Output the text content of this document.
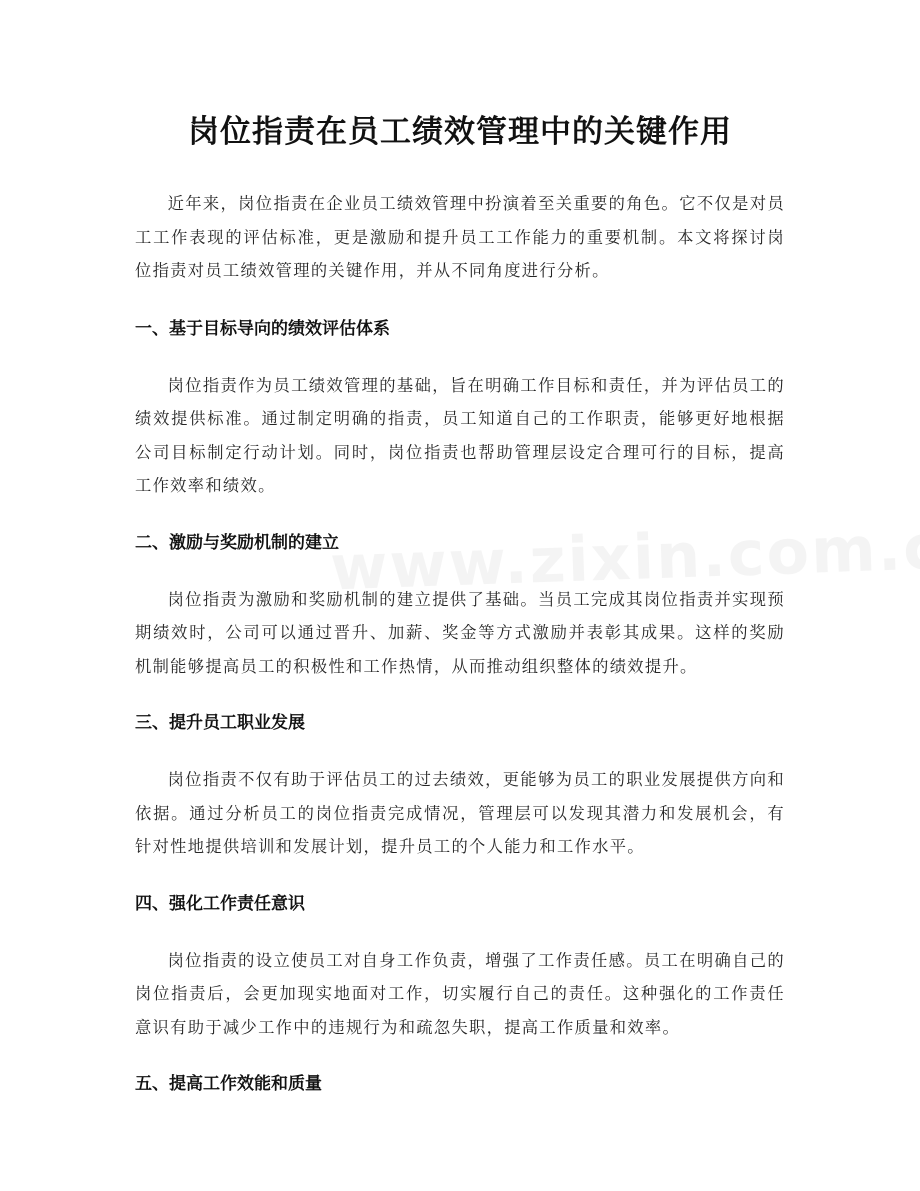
岗位指责在员工绩效管理中的关键作用

近年来，岗位指责在企业员工绩效管理中扮演着至关重要的角色。它不仅是对员工工作表现的评估标准，更是激励和提升员工工作能力的重要机制。本文将探讨岗位指责对员工绩效管理的关键作用，并从不同角度进行分析。

一、基于目标导向的绩效评估体系

岗位指责作为员工绩效管理的基础，旨在明确工作目标和责任，并为评估员工的绩效提供标准。通过制定明确的指责，员工知道自己的工作职责，能够更好地根据公司目标制定行动计划。同时，岗位指责也帮助管理层设定合理可行的目标，提高工作效率和绩效。

二、激励与奖励机制的建立

岗位指责为激励和奖励机制的建立提供了基础。当员工完成其岗位指责并实现预期绩效时，公司可以通过晋升、加薪、奖金等方式激励并表彰其成果。这样的奖励机制能够提高员工的积极性和工作热情，从而推动组织整体的绩效提升。

三、提升员工职业发展

岗位指责不仅有助于评估员工的过去绩效，更能够为员工的职业发展提供方向和依据。通过分析员工的岗位指责完成情况，管理层可以发现其潜力和发展机会，有针对性地提供培训和发展计划，提升员工的个人能力和工作水平。

四、强化工作责任意识

岗位指责的设立使员工对自身工作负责，增强了工作责任感。员工在明确自己的岗位指责后，会更加现实地面对工作，切实履行自己的责任。这种强化的工作责任意识有助于减少工作中的违规行为和疏忽失职，提高工作质量和效率。

五、提高工作效能和质量
